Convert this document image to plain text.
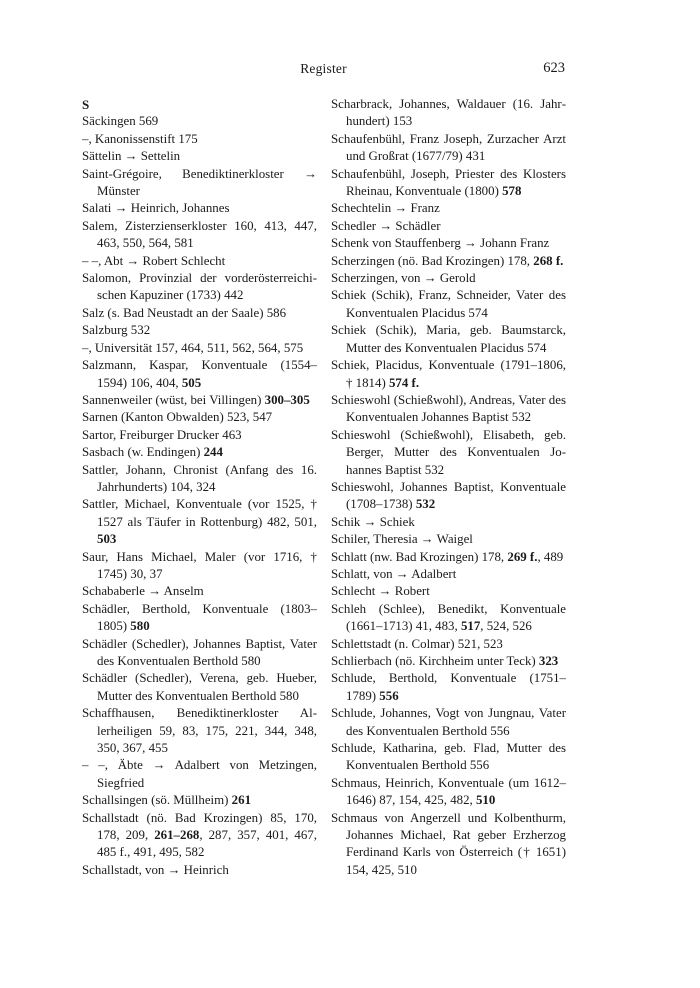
Register	623
S

Säckingen 569

–, Kanonissenstift 175

Sättelin → Settelin

Saint-Grégoire, Benediktinerkloster → Münster

Salati → Heinrich, Johannes

Salem, Zisterzienserkloster 160, 413, 447, 463, 550, 564, 581

– –, Abt → Robert Schlecht

Salomon, Provinzial der vorderösterreichischen Kapuziner (1733) 442

Salz (s. Bad Neustadt an der Saale) 586

Salzburg 532

–, Universität 157, 464, 511, 562, 564, 575

Salzmann, Kaspar, Konventuale (1554–1594) 106, 404, 505

Sannenweiler (wüst, bei Villingen) 300–305

Sarnen (Kanton Obwalden) 523, 547

Sartor, Freiburger Drucker 463

Sasbach (w. Endingen) 244

Sattler, Johann, Chronist (Anfang des 16. Jahrhunderts) 104, 324

Sattler, Michael, Konventuale (vor 1525, † 1527 als Täufer in Rottenburg) 482, 501, 503

Saur, Hans Michael, Maler (vor 1716, † 1745) 30, 37

Schababerle → Anselm

Schädler, Berthold, Konventuale (1803–1805) 580

Schädler (Schedler), Johannes Baptist, Vater des Konventualen Berthold 580

Schädler (Schedler), Verena, geb. Hueber, Mutter des Konventualen Berthold 580

Schaffhausen, Benediktinerkloster Allerheiligen 59, 83, 175, 221, 344, 348, 350, 367, 455

– –, Äbte → Adalbert von Metzingen, Siegfried

Schallsingen (sö. Müllheim) 261

Schallstadt (nö. Bad Krozingen) 85, 170, 178, 209, 261–268, 287, 357, 401, 467, 485 f., 491, 495, 582

Schallstadt, von → Heinrich

Scharbrack, Johannes, Waldauer (16. Jahrhundert) 153

Schaufenbühl, Franz Joseph, Zurzacher Arzt und Großrat (1677/79) 431

Schaufenbühl, Joseph, Priester des Klosters Rheinau, Konventuale (1800) 578

Schechtelin → Franz

Schedler → Schädler

Schenk von Stauffenberg → Johann Franz

Scherzingen (nö. Bad Krozingen) 178, 268 f.

Scherzingen, von → Gerold

Schiek (Schik), Franz, Schneider, Vater des Konventualen Placidus 574

Schiek (Schik), Maria, geb. Baumstarck, Mutter des Konventualen Placidus 574

Schiek, Placidus, Konventuale (1791–1806, † 1814) 574 f.

Schieswohl (Schießwohl), Andreas, Vater des Konventualen Johannes Baptist 532

Schieswohl (Schießwohl), Elisabeth, geb. Berger, Mutter des Konventualen Johannes Baptist 532

Schieswohl, Johannes Baptist, Konventuale (1708–1738) 532

Schik → Schiek

Schiler, Theresia → Waigel

Schlatt (nw. Bad Krozingen) 178, 269 f., 489

Schlatt, von → Adalbert

Schlecht → Robert

Schleh (Schlee), Benedikt, Konventuale (1661–1713) 41, 483, 517, 524, 526

Schlettstadt (n. Colmar) 521, 523

Schlierbach (nö. Kirchheim unter Teck) 323

Schlude, Berthold, Konventuale (1751–1789) 556

Schlude, Johannes, Vogt von Jungnau, Vater des Konventualen Berthold 556

Schlude, Katharina, geb. Flad, Mutter des Konventualen Berthold 556

Schmaus, Heinrich, Konventuale (um 1612–1646) 87, 154, 425, 482, 510

Schmaus von Angerzell und Kolbenthurm, Johannes Michael, Rat geber Erzherzog Ferdinand Karls von Österreich († 1651) 154, 425, 510
